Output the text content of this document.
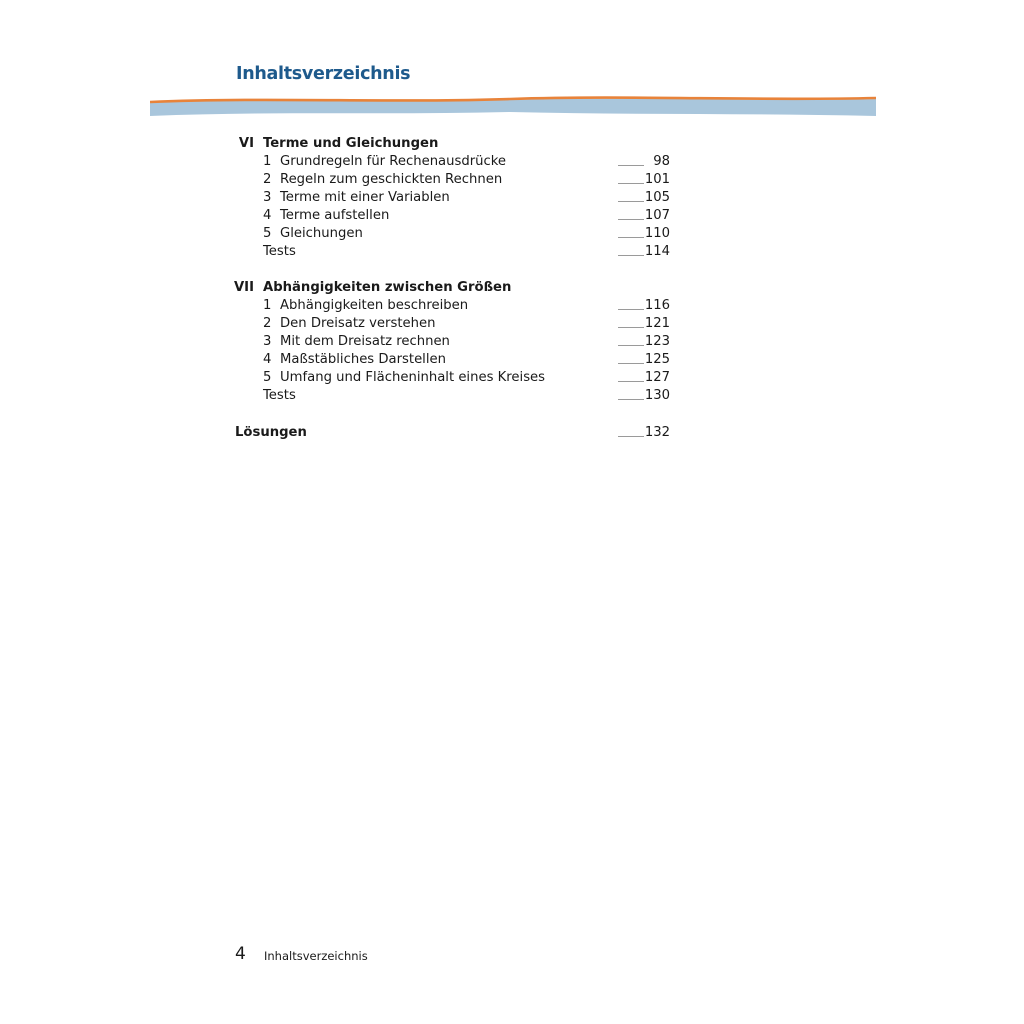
Inhaltsverzeichnis
VI Terme und Gleichungen
1 Grundregeln für Rechenausdrücke	98
2 Regeln zum geschickten Rechnen	101
3 Terme mit einer Variablen	105
4 Terme aufstellen	107
5 Gleichungen	110
Tests	114
VII Abhängigkeiten zwischen Größen
1 Abhängigkeiten beschreiben	116
2 Den Dreisatz verstehen	121
3 Mit dem Dreisatz rechnen	123
4 Maßstäbliches Darstellen	125
5 Umfang und Flächeninhalt eines Kreises	127
Tests	130
Lösungen	132
4 Inhaltsverzeichnis
